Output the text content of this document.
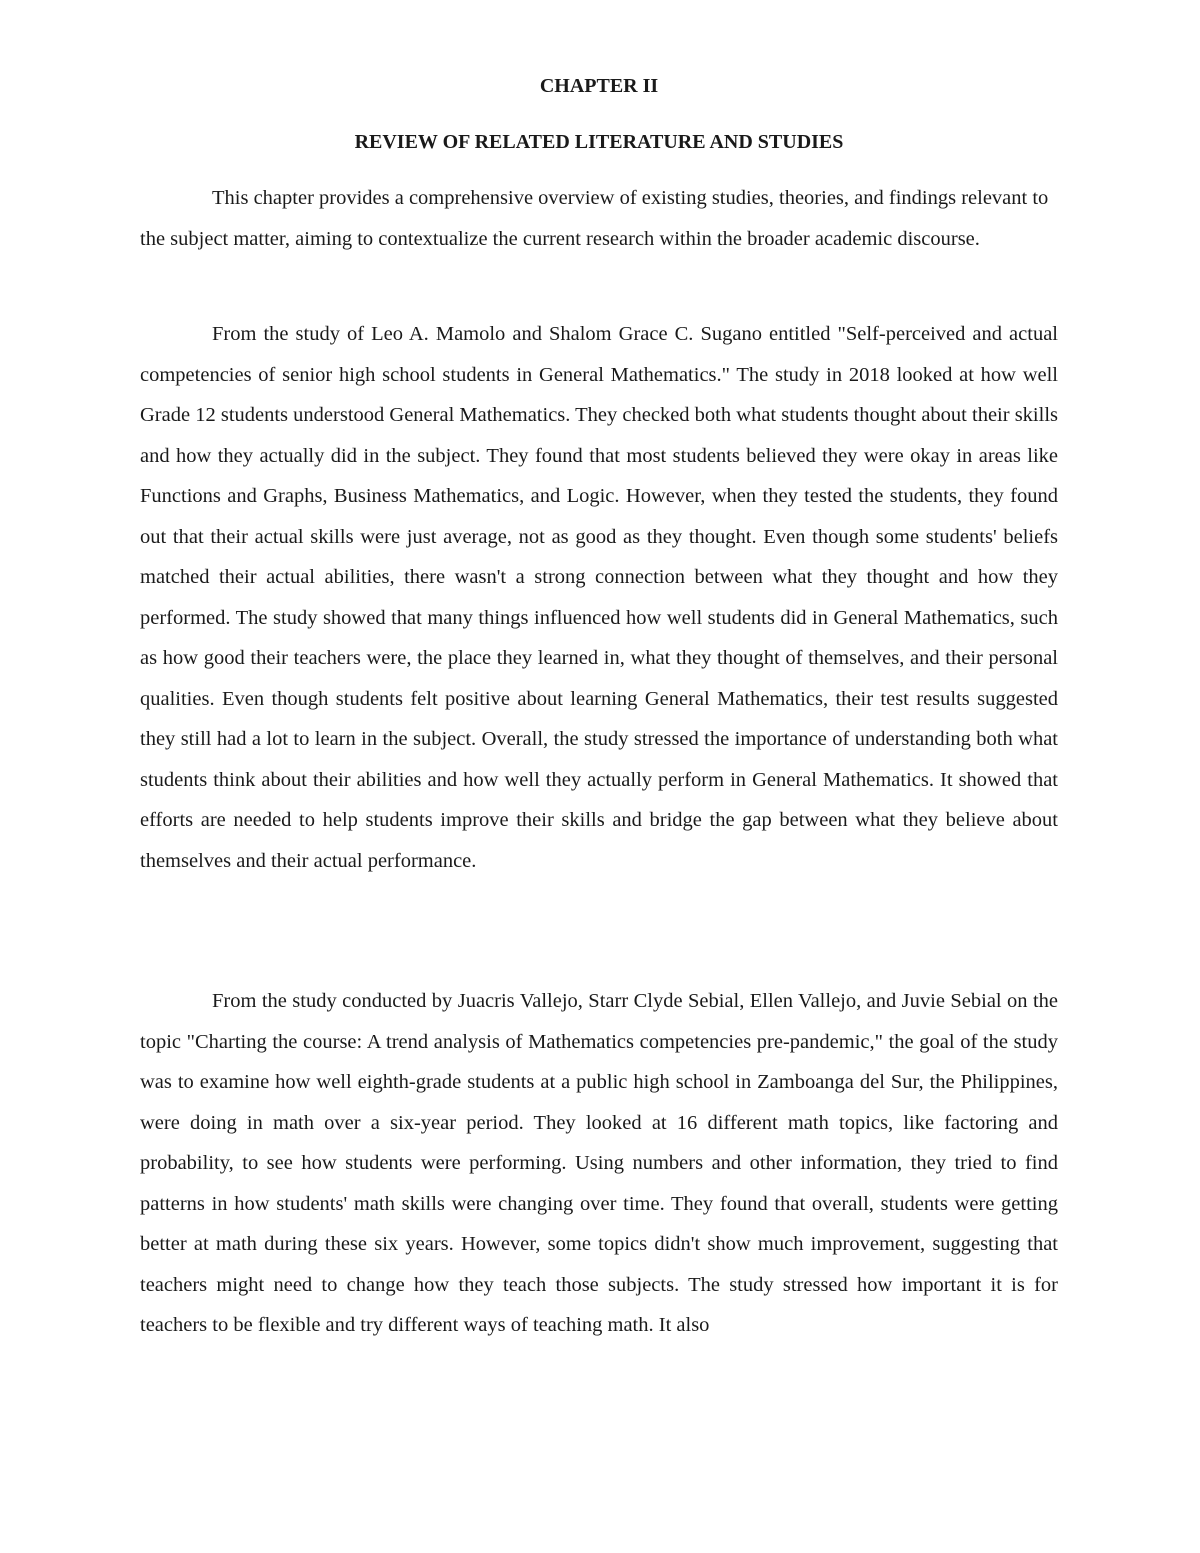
CHAPTER II
REVIEW OF RELATED LITERATURE AND STUDIES

This chapter provides a comprehensive overview of existing studies, theories, and findings relevant to the subject matter, aiming to contextualize the current research within the broader academic discourse.

From the study of Leo A. Mamolo and Shalom Grace C. Sugano entitled "Self-perceived and actual competencies of senior high school students in General Mathematics." The study in 2018 looked at how well Grade 12 students understood General Mathematics. They checked both what students thought about their skills and how they actually did in the subject. They found that most students believed they were okay in areas like Functions and Graphs, Business Mathematics, and Logic. However, when they tested the students, they found out that their actual skills were just average, not as good as they thought. Even though some students' beliefs matched their actual abilities, there wasn't a strong connection between what they thought and how they performed. The study showed that many things influenced how well students did in General Mathematics, such as how good their teachers were, the place they learned in, what they thought of themselves, and their personal qualities. Even though students felt positive about learning General Mathematics, their test results suggested they still had a lot to learn in the subject. Overall, the study stressed the importance of understanding both what students think about their abilities and how well they actually perform in General Mathematics. It showed that efforts are needed to help students improve their skills and bridge the gap between what they believe about themselves and their actual performance.

From the study conducted by Juacris Vallejo, Starr Clyde Sebial, Ellen Vallejo, and Juvie Sebial on the topic "Charting the course: A trend analysis of Mathematics competencies pre-pandemic," the goal of the study was to examine how well eighth-grade students at a public high school in Zamboanga del Sur, the Philippines, were doing in math over a six-year period. They looked at 16 different math topics, like factoring and probability, to see how students were performing. Using numbers and other information, they tried to find patterns in how students' math skills were changing over time. They found that overall, students were getting better at math during these six years. However, some topics didn't show much improvement, suggesting that teachers might need to change how they teach those subjects. The study stressed how important it is for teachers to be flexible and try different ways of teaching math. It also
